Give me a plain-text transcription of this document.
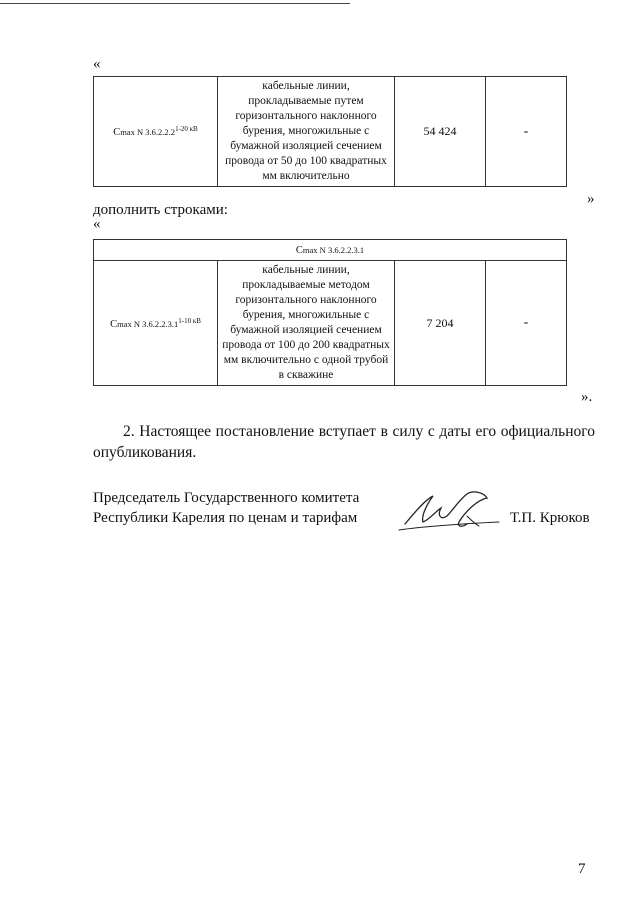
«
Сmax N $3.6.2.2.2^{1-20 кВ}$	кабельные линии, прокладываемые путем горизонтального наклонного бурения, многожильные с бумажной изоляцией сечением провода от 50 до 100 квадратных мм включительно	54 424	-
»
дополнить строками:
«
Сmax N 3.6.2.2.3.1
Сmax N $3.6.2.2.3.1^{1-10 кВ}$	кабельные линии, прокладываемые методом горизонтального наклонного бурения, многожильные с бумажной изоляцией сечением провода от 100 до 200 квадратных мм включительно с одной трубой в скважине	7 204	-
».
2. Настоящее постановление вступает в силу с даты его официального опубликования.
Председатель Государственного комитета
Республики Карелия по ценам и тарифам	Т.П. Крюков
7
